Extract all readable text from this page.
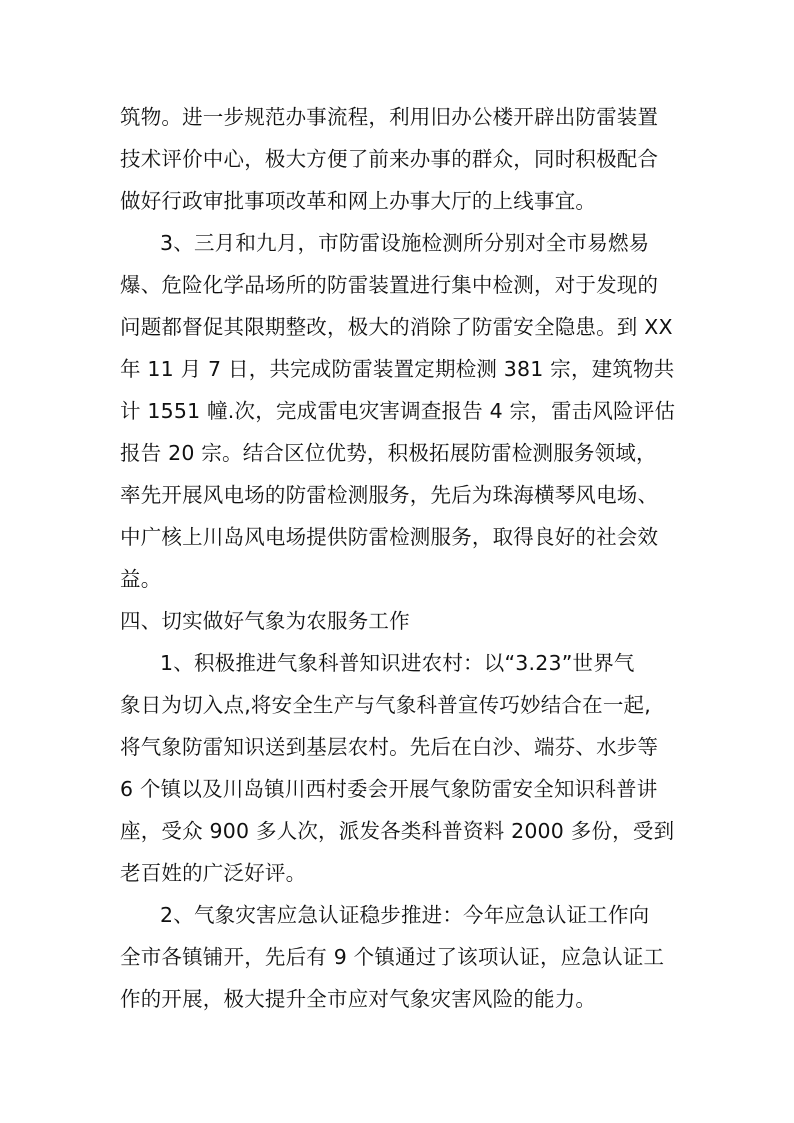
筑物。进一步规范办事流程，利用旧办公楼开辟出防雷装置
技术评价中心，极大方便了前来办事的群众，同时积极配合
做好行政审批事项改革和网上办事大厅的上线事宜。
3、三月和九月，市防雷设施检测所分别对全市易燃易
爆、危险化学品场所的防雷装置进行集中检测，对于发现的
问题都督促其限期整改，极大的消除了防雷安全隐患。到 XX
年 11 月 7 日，共完成防雷装置定期检测 381 宗，建筑物共
计 1551 幢.次，完成雷电灾害调查报告 4 宗，雷击风险评估
报告 20 宗。结合区位优势，积极拓展防雷检测服务领域，
率先开展风电场的防雷检测服务，先后为珠海横琴风电场、
中广核上川岛风电场提供防雷检测服务，取得良好的社会效
益。
四、切实做好气象为农服务工作
1、积极推进气象科普知识进农村：以“3.23”世界气
象日为切入点,将安全生产与气象科普宣传巧妙结合在一起,
将气象防雷知识送到基层农村。先后在白沙、端芬、水步等
6 个镇以及川岛镇川西村委会开展气象防雷安全知识科普讲
座，受众 900 多人次，派发各类科普资料 2000 多份，受到
老百姓的广泛好评。
2、气象灾害应急认证稳步推进：今年应急认证工作向
全市各镇铺开，先后有 9 个镇通过了该项认证，应急认证工
作的开展，极大提升全市应对气象灾害风险的能力。
